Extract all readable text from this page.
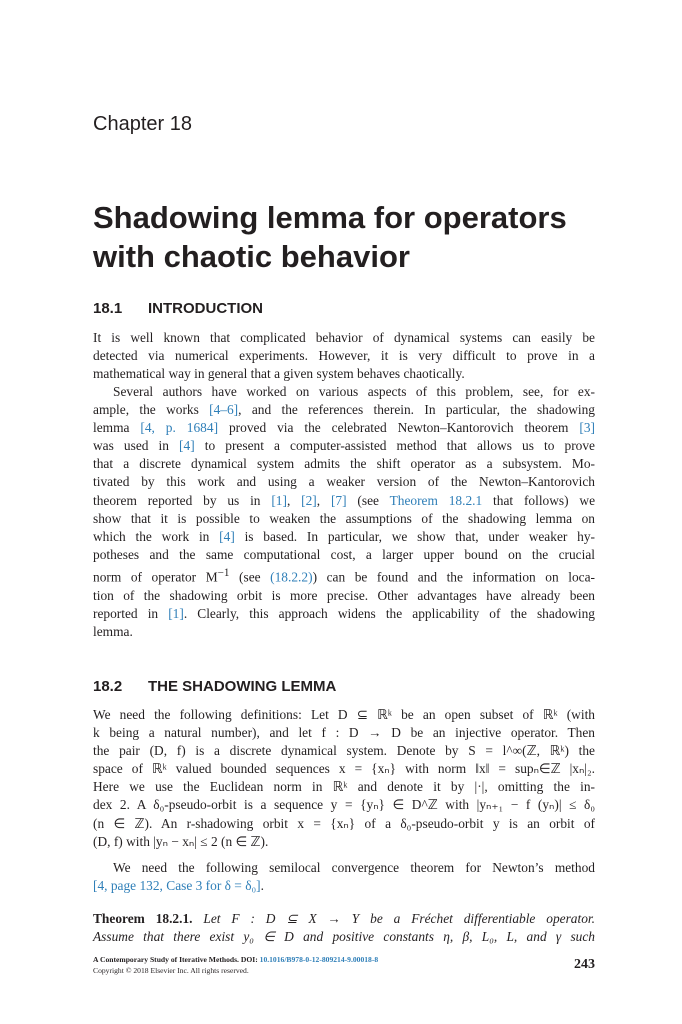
Chapter 18
Shadowing lemma for operators
with chaotic behavior
18.1 INTRODUCTION
It is well known that complicated behavior of dynamical systems can easily be
detected via numerical experiments. However, it is very difficult to prove in a
mathematical way in general that a given system behaves chaotically.
Several authors have worked on various aspects of this problem, see, for ex-
ample, the works [4–6], and the references therein. In particular, the shadowing
lemma [4, p. 1684] proved via the celebrated Newton–Kantorovich theorem [3]
was used in [4] to present a computer-assisted method that allows us to prove
that a discrete dynamical system admits the shift operator as a subsystem. Mo-
tivated by this work and using a weaker version of the Newton–Kantorovich
theorem reported by us in [1], [2], [7] (see Theorem 18.2.1 that follows) we
show that it is possible to weaken the assumptions of the shadowing lemma on
which the work in [4] is based. In particular, we show that, under weaker hy-
potheses and the same computational cost, a larger upper bound on the crucial
norm of operator $M^{-1}$ (see (18.2.2)) can be found and the information on loca-
tion of the shadowing orbit is more precise. Other advantages have already been
reported in [1]. Clearly, this approach widens the applicability of the shadowing
lemma.
18.2 THE SHADOWING LEMMA
We need the following definitions: Let D ⊆ ℝᵏ be an open subset of ℝᵏ (with
k being a natural number), and let f : D → D be an injective operator. Then
the pair (D, f) is a discrete dynamical system. Denote by S = l^∞(ℤ, ℝᵏ) the
space of ℝᵏ valued bounded sequences x = {xₙ} with norm ‖x‖ = supₙ∈ℤ |xₙ|₂.
Here we use the Euclidean norm in ℝᵏ and denote it by |·|, omitting the in-
dex 2. A δ₀-pseudo-orbit is a sequence y = {yₙ} ∈ D^ℤ with |yₙ₊₁ − f (yₙ)| ≤ δ₀
(n ∈ ℤ). An r-shadowing orbit x = {xₙ} of a δ₀-pseudo-orbit y is an orbit of
(D, f) with |yₙ − xₙ| ≤ 2 (n ∈ ℤ).
We need the following semilocal convergence theorem for Newton’s method
[4, page 132, Case 3 for δ = δ₀].
Theorem 18.2.1. Let F : D ⊆ X → Y be a Fréchet differentiable operator.
Assume that there exist y₀ ∈ D and positive constants η, β, L₀, L, and γ such
A Contemporary Study of Iterative Methods. DOI: 10.1016/B978-0-12-809214-9.00018-8
Copyright © 2018 Elsevier Inc. All rights reserved.	243
